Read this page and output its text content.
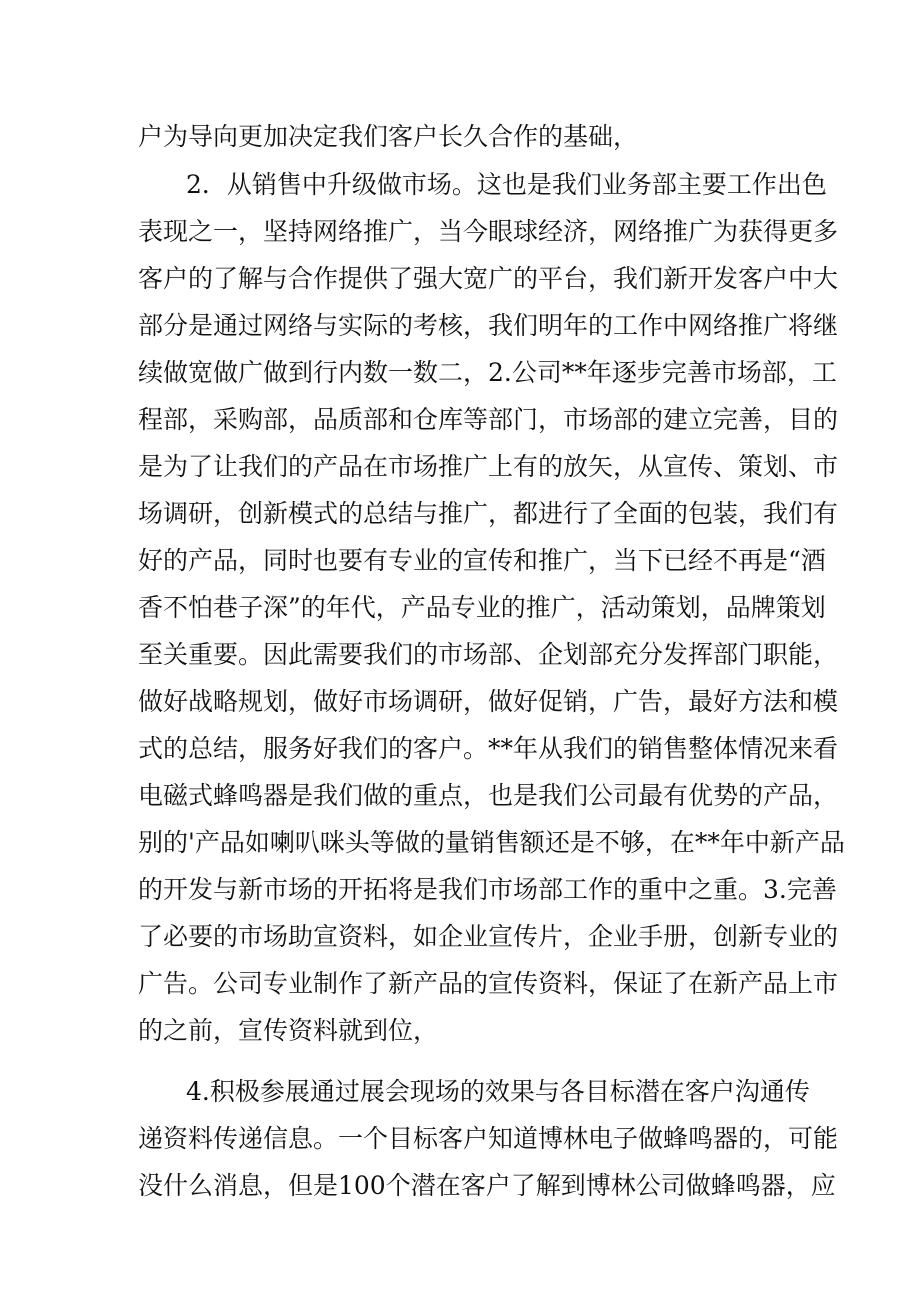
户为导向更加决定我们客户长久合作的基础，
2．从销售中升级做市场。这也是我们业务部主要工作出色
表现之一，坚持网络推广，当今眼球经济，网络推广为获得更多
客户的了解与合作提供了强大宽广的平台，我们新开发客户中大
部分是通过网络与实际的考核，我们明年的工作中网络推广将继
续做宽做广做到行内数一数二，2.公司**年逐步完善市场部，工
程部，采购部，品质部和仓库等部门，市场部的建立完善，目的
是为了让我们的产品在市场推广上有的放矢，从宣传、策划、市
场调研，创新模式的总结与推广，都进行了全面的包装，我们有
好的产品，同时也要有专业的宣传和推广，当下已经不再是“酒
香不怕巷子深”的年代，产品专业的推广，活动策划，品牌策划
至关重要。因此需要我们的市场部、企划部充分发挥部门职能，
做好战略规划，做好市场调研，做好促销，广告，最好方法和模
式的总结，服务好我们的客户。**年从我们的销售整体情况来看
电磁式蜂鸣器是我们做的重点，也是我们公司最有优势的产品，
别的'产品如喇叭咪头等做的量销售额还是不够，在**年中新产品
的开发与新市场的开拓将是我们市场部工作的重中之重。3.完善
了必要的市场助宣资料，如企业宣传片，企业手册，创新专业的
广告。公司专业制作了新产品的宣传资料，保证了在新产品上市
的之前，宣传资料就到位，
4.积极参展通过展会现场的效果与各目标潜在客户沟通传
递资料传递信息。一个目标客户知道博林电子做蜂鸣器的，可能
没什么消息，但是100个潜在客户了解到博林公司做蜂鸣器，应
